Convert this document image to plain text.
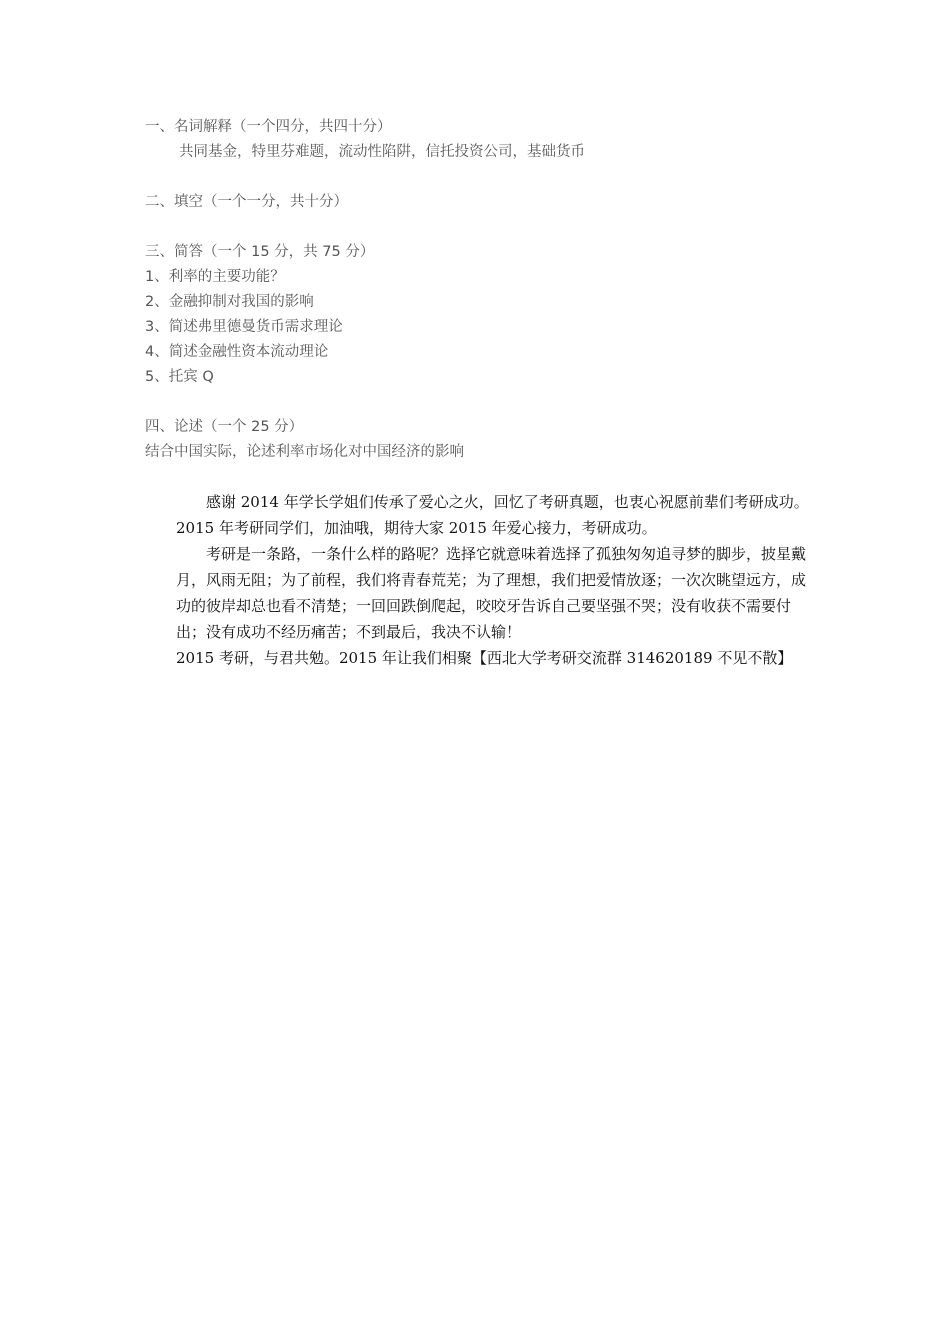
一、名词解释（一个四分，共四十分）
共同基金，特里芬难题，流动性陷阱，信托投资公司，基础货币
二、填空（一个一分，共十分）
三、简答（一个 15 分，共 75 分）
1、利率的主要功能？
2、金融抑制对我国的影响
3、简述弗里德曼货币需求理论
4、简述金融性资本流动理论
5、托宾 Q
四、论述（一个 25 分）
结合中国实际，论述利率市场化对中国经济的影响

感谢 2014 年学长学姐们传承了爱心之火，回忆了考研真题，也衷心祝愿前辈们考研成功。2015 年考研同学们，加油哦，期待大家 2015 年爱心接力，考研成功。

考研是一条路，一条什么样的路呢？选择它就意味着选择了孤独匆匆追寻梦的脚步，披星戴月，风雨无阻；为了前程，我们将青春荒芜；为了理想，我们把爱情放逐；一次次眺望远方，成功的彼岸却总也看不清楚；一回回跌倒爬起，咬咬牙告诉自己要坚强不哭；没有收获不需要付出；没有成功不经历痛苦；不到最后，我决不认输！

2015 考研，与君共勉。2015 年让我们相聚【西北大学考研交流群 314620189 不见不散】
